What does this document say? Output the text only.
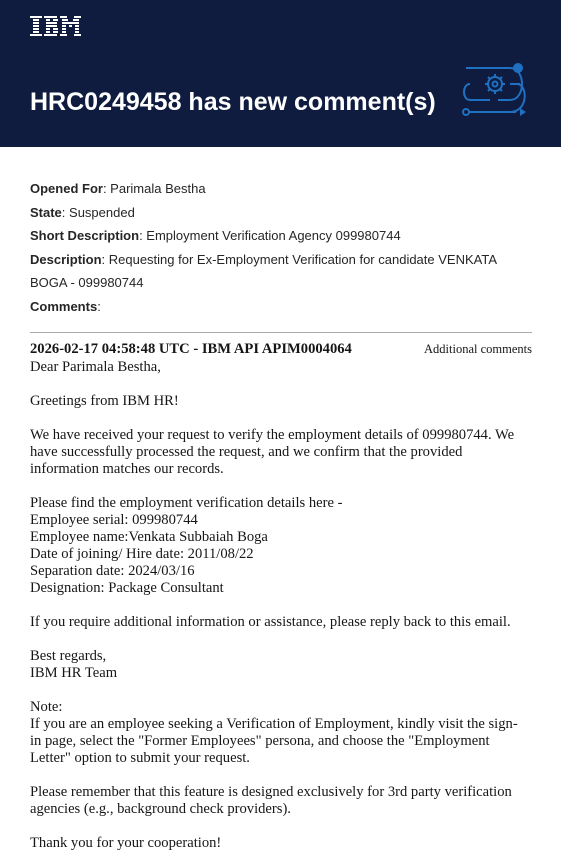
HRC0249458 has new comment(s)
Opened For: Parimala Bestha
State: Suspended
Short Description: Employment Verification Agency 099980744
Description: Requesting for Ex-Employment Verification for candidate VENKATA
BOGA - 099980744
Comments:
2026-02-17 04:58:48 UTC - IBM API APIM0004064	Additional comments
Dear Parimala Bestha,
Greetings from IBM HR!
We have received your request to verify the employment details of 099980744. We
have successfully processed the request, and we confirm that the provided
information matches our records.
Please find the employment verification details here -
Employee serial: 099980744
Employee name:Venkata Subbaiah Boga
Date of joining/ Hire date: 2011/08/22
Separation date: 2024/03/16
Designation: Package Consultant
If you require additional information or assistance, please reply back to this email.
Best regards,
IBM HR Team
Note:
If you are an employee seeking a Verification of Employment, kindly visit the sign-
in page, select the "Former Employees" persona, and choose the "Employment
Letter" option to submit your request.
Please remember that this feature is designed exclusively for 3rd party verification
agencies (e.g., background check providers).
Thank you for your cooperation!
